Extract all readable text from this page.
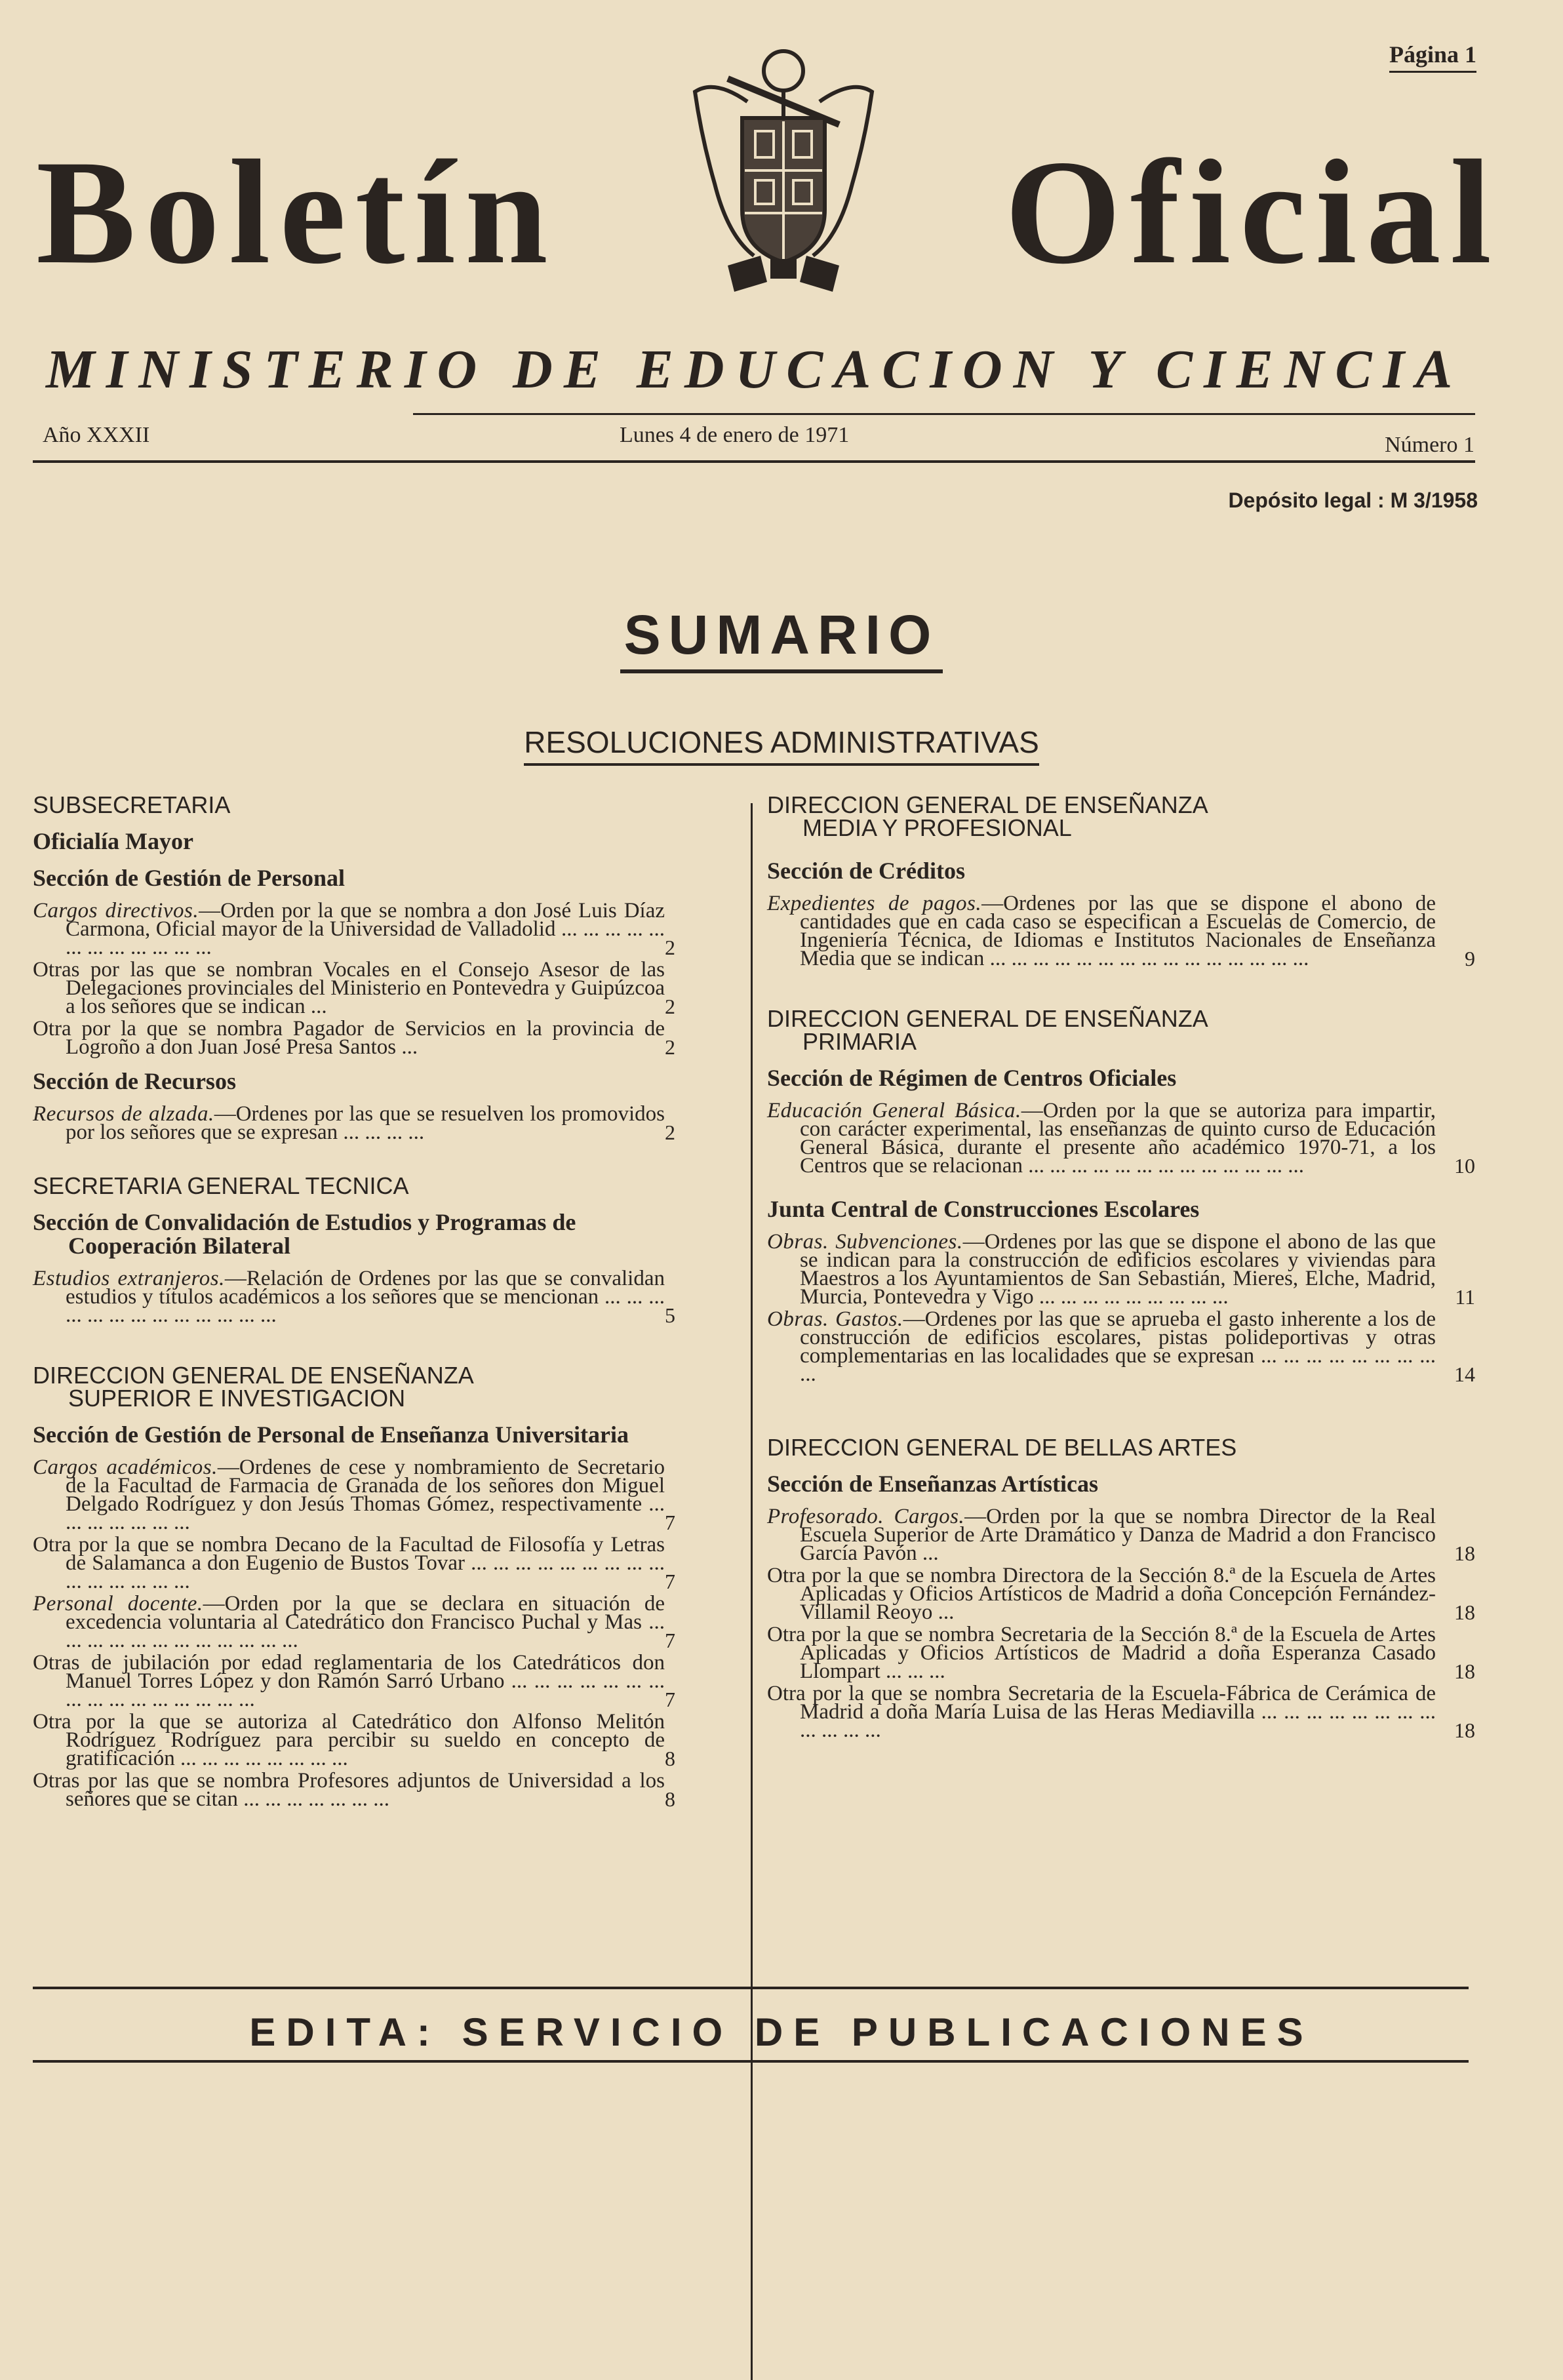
Página 1
Boletín	Oficial
MINISTERIO DE EDUCACION Y CIENCIA
Año XXXII	Lunes 4 de enero de 1971	Número 1
Depósito legal : M 3/1958
SUMARIO
RESOLUCIONES ADMINISTRATIVAS
SUBSECRETARIA
Oficialía Mayor
Sección de Gestión de Personal
Cargos directivos.—Orden por la que se nombra a don José Luis Díaz Carmona, Oficial mayor de la Universidad de Valladolid ... ... ... ... ... ... ... ... ... ... ... ...	2
Otras por las que se nombran Vocales en el Consejo Asesor de las Delegaciones provinciales del Ministerio en Pontevedra y Guipúzcoa a los señores que se indican ...	2
Otra por la que se nombra Pagador de Servicios en la provincia de Logroño a don Juan José Presa Santos ...	2
Sección de Recursos
Recursos de alzada.—Ordenes por las que se resuelven los promovidos por los señores que se expresan ... ... ... ...	2
SECRETARIA GENERAL TECNICA
Sección de Convalidación de Estudios y Programas de Cooperación Bilateral
Estudios extranjeros.—Relación de Ordenes por las que se convalidan estudios y títulos académicos a los señores que se mencionan ... ... ... ... ... ... ... ... ... ... ... ... ...	5
DIRECCION GENERAL DE ENSEÑANZA
SUPERIOR E INVESTIGACION
Sección de Gestión de Personal de Enseñanza Universitaria
Cargos académicos.—Ordenes de cese y nombramiento de Secretario de la Facultad de Farmacia de Granada de los señores don Miguel Delgado Rodríguez y don Jesús Thomas Gómez, respectivamente ... ... ... ... ... ... ...	7
Otra por la que se nombra Decano de la Facultad de Filosofía y Letras de Salamanca a don Eugenio de Bustos Tovar ... ... ... ... ... ... ... ... ... ... ... ... ... ... ...	7
Personal docente.—Orden por la que se declara en situación de excedencia voluntaria al Catedrático don Francisco Puchal y Mas ... ... ... ... ... ... ... ... ... ... ... ...	7
Otras de jubilación por edad reglamentaria de los Catedráticos don Manuel Torres López y don Ramón Sarró Urbano ... ... ... ... ... ... ... ... ... ... ... ... ... ... ... ...	7
Otra por la que se autoriza al Catedrático don Alfonso Melitón Rodríguez Rodríguez para percibir su sueldo en concepto de gratificación ... ... ... ... ... ... ... ...	8
Otras por las que se nombra Profesores adjuntos de Universidad a los señores que se citan ... ... ... ... ... ... ...	8
DIRECCION GENERAL DE ENSEÑANZA
MEDIA Y PROFESIONAL
Sección de Créditos
Expedientes de pagos.—Ordenes por las que se dispone el abono de cantidades que en cada caso se especifican a Escuelas de Comercio, de Ingeniería Técnica, de Idiomas e Institutos Nacionales de Enseñanza Media que se indican ... ... ... ... ... ... ... ... ... ... ... ... ... ... ...	9
DIRECCION GENERAL DE ENSEÑANZA
PRIMARIA
Sección de Régimen de Centros Oficiales
Educación General Básica.—Orden por la que se autoriza para impartir, con carácter experimental, las enseñanzas de quinto curso de Educación General Básica, durante el presente año académico 1970-71, a los Centros que se relacionan ... ... ... ... ... ... ... ... ... ... ... ... ...	10
Junta Central de Construcciones Escolares
Obras. Subvenciones.—Ordenes por las que se dispone el abono de las que se indican para la construcción de edificios escolares y viviendas para Maestros a los Ayuntamientos de San Sebastián, Mieres, Elche, Madrid, Murcia, Pontevedra y Vigo ... ... ... ... ... ... ... ... ...	11
Obras. Gastos.—Ordenes por las que se aprueba el gasto inherente a los de construcción de edificios escolares, pistas polideportivas y otras complementarias en las localidades que se expresan ... ... ... ... ... ... ... ... ...	14
DIRECCION GENERAL DE BELLAS ARTES
Sección de Enseñanzas Artísticas
Profesorado. Cargos.—Orden por la que se nombra Director de la Real Escuela Superior de Arte Dramático y Danza de Madrid a don Francisco García Pavón ...	18
Otra por la que se nombra Directora de la Sección 8.ª de la Escuela de Artes Aplicadas y Oficios Artísticos de Madrid a doña Concepción Fernández-Villamil Reoyo ...	18
Otra por la que se nombra Secretaria de la Sección 8.ª de la Escuela de Artes Aplicadas y Oficios Artísticos de Madrid a doña Esperanza Casado Llompart ... ... ...	18
Otra por la que se nombra Secretaria de la Escuela-Fábrica de Cerámica de Madrid a doña María Luisa de las Heras Mediavilla ... ... ... ... ... ... ... ... ... ... ... ...	18
EDITA: SERVICIO DE PUBLICACIONES
